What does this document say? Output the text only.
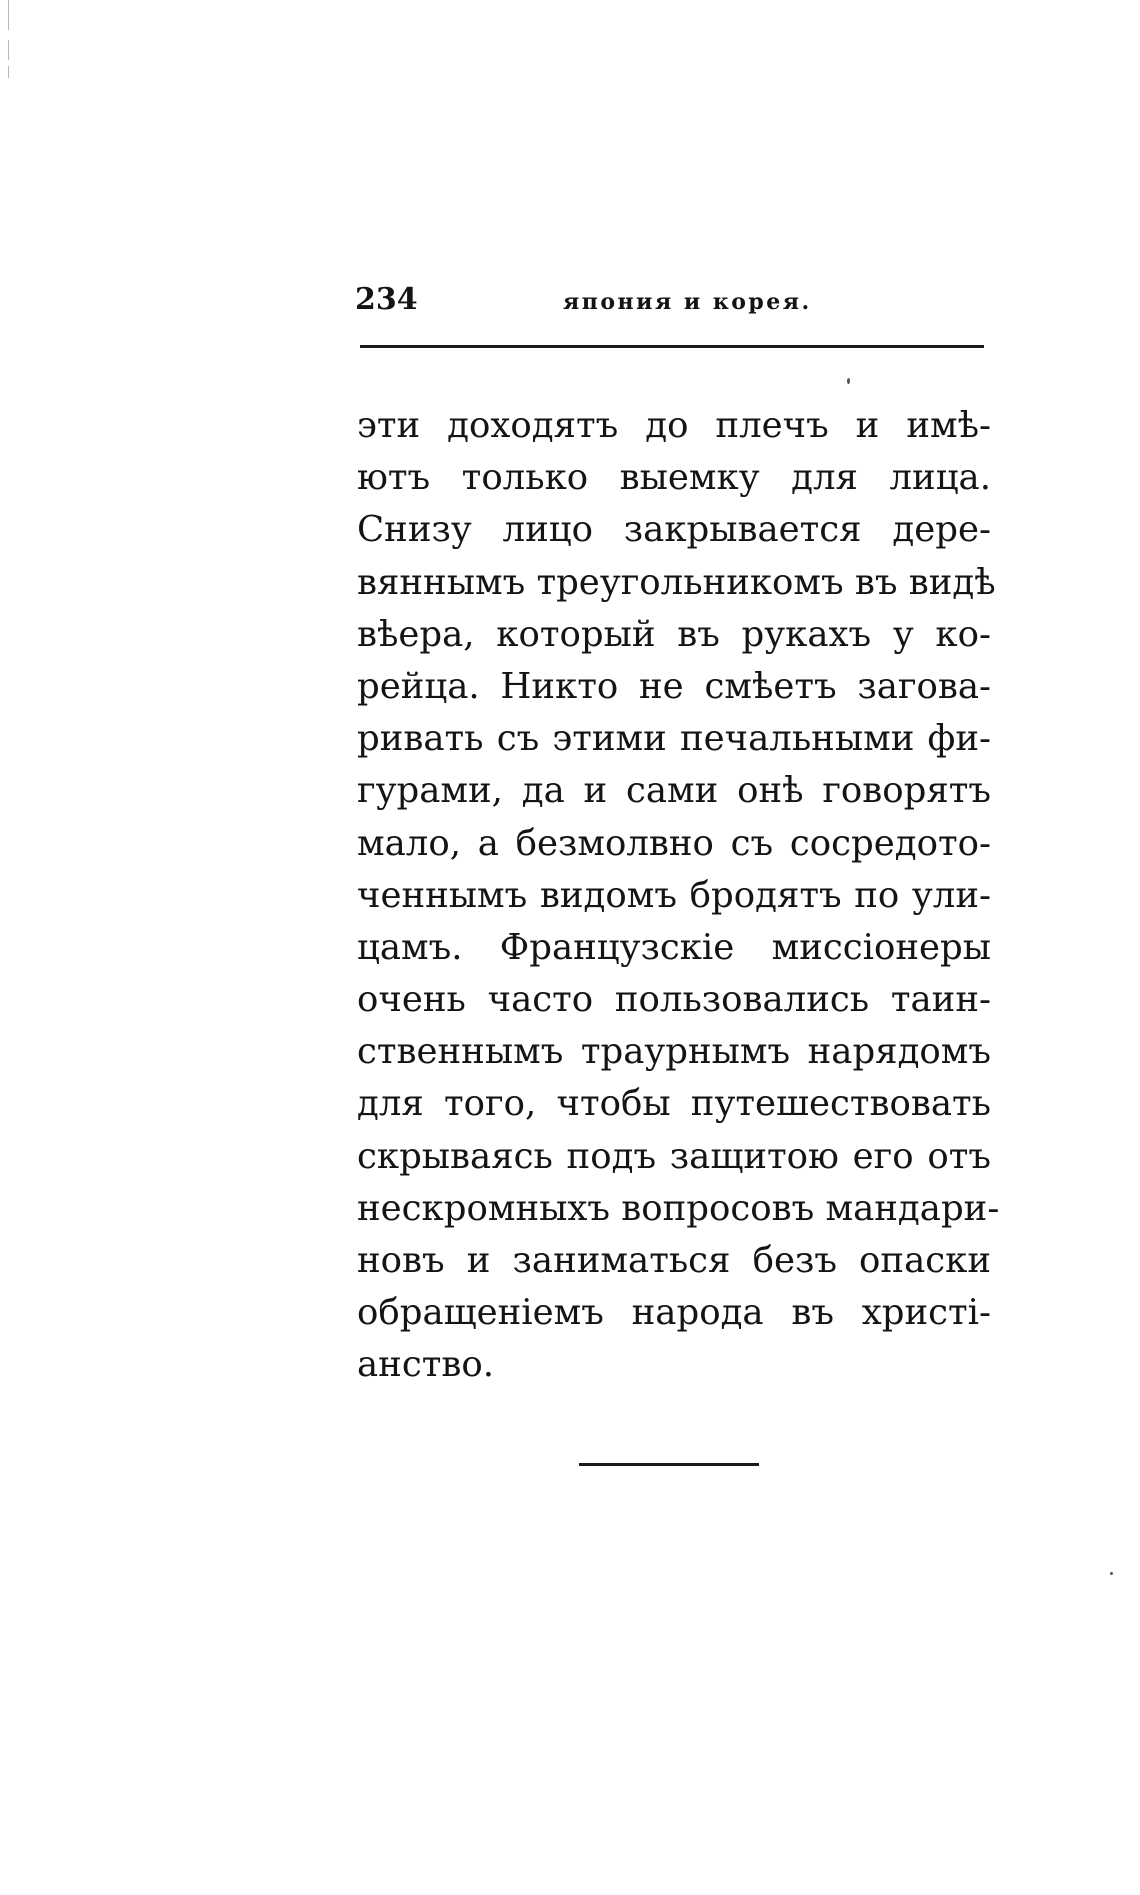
234	япония и корея.
эти доходятъ до плечъ и имѣ-
ютъ только выемку для лица.
Снизу лицо закрывается дере-
вяннымъ треугольникомъ въ видѣ
вѣера, который въ рукахъ у ко-
рейца. Никто не смѣетъ загова-
ривать съ этими печальными фи-
гурами, да и сами онѣ говорятъ
мало, а безмолвно съ сосредото-
ченнымъ видомъ бродятъ по ули-
цамъ. Французскіе миссіонеры
очень часто пользовались таин-
ственнымъ траурнымъ нарядомъ
для того, чтобы путешествовать
скрываясь подъ защитою его отъ
нескромныхъ вопросовъ мандари-
новъ и заниматься безъ опаски
обращеніемъ народа въ христі-
анство.
